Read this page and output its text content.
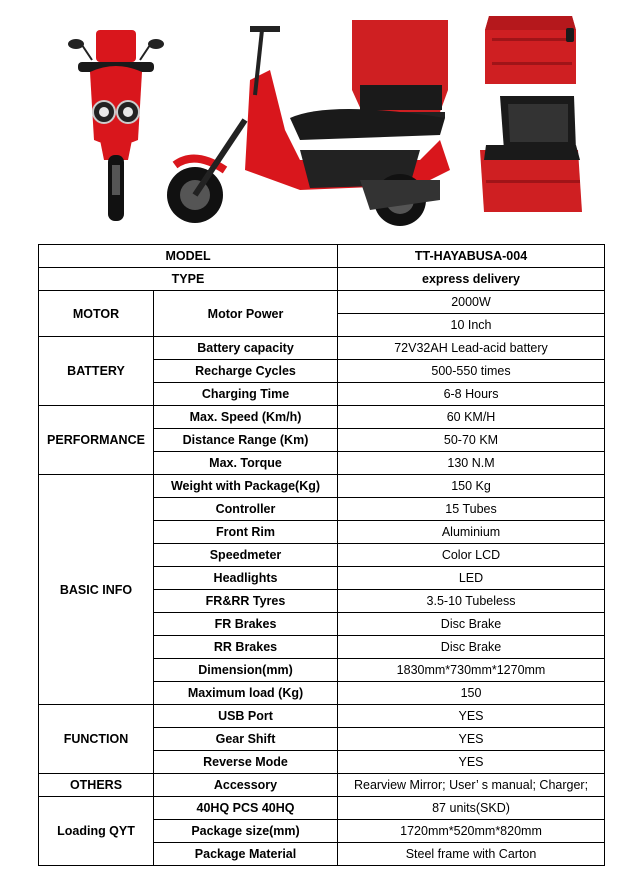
MODEL		TT-HAYABUSA-004
TYPE		express delivery
MOTOR	Motor Power	2000W
		10 Inch
BATTERY	Battery capacity	72V32AH Lead-acid battery
	Recharge Cycles	500-550 times
	Charging Time	6-8 Hours
PERFORMANCE	Max. Speed (Km/h)	60 KM/H
	Distance Range (Km)	50-70 KM
	Max. Torque	130 N.M
BASIC INFO	Weight with Package(Kg)	150 Kg
	Controller	15 Tubes
	Front Rim	Aluminium
	Speedmeter	Color LCD
	Headlights	LED
	FR&RR Tyres	3.5-10 Tubeless
	FR Brakes	Disc Brake
	RR Brakes	Disc Brake
	Dimension(mm)	1830mm*730mm*1270mm
	Maximum load (Kg)	150
FUNCTION	USB Port	YES
	Gear Shift	YES
	Reverse Mode	YES
OTHERS	Accessory	Rearview Mirror; User’ s manual; Charger;
Loading QYT	40HQ PCS 40HQ	87 units(SKD)
	Package size(mm)	1720mm*520mm*820mm
	Package Material	Steel frame with Carton
